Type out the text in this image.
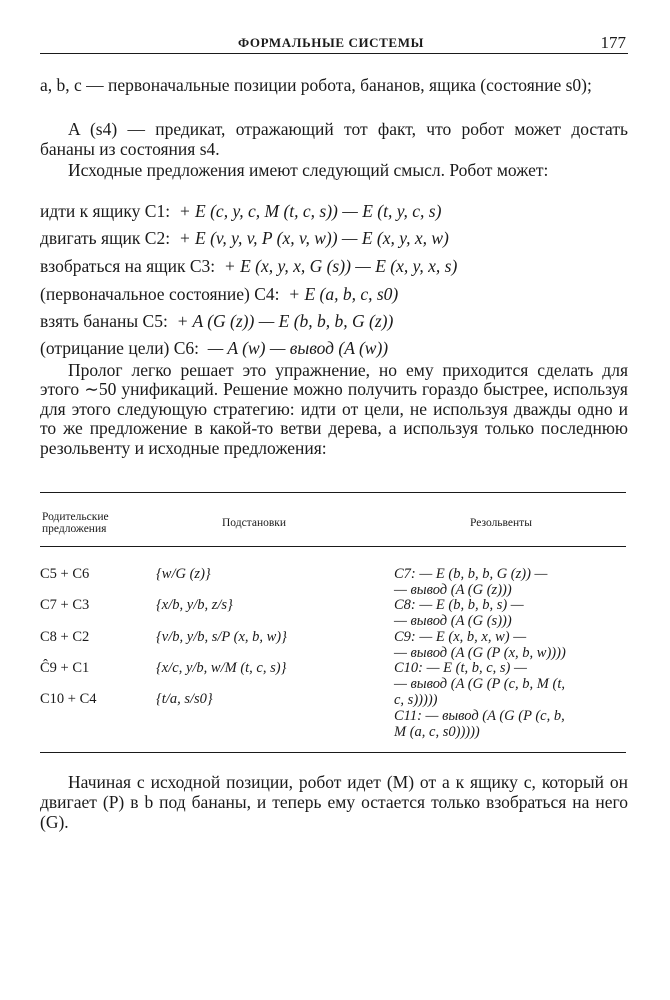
ФОРМАЛЬНЫЕ СИСТЕМЫ	177

a, b, c — первоначальные позиции робота, бананов, ящика (состояние s0);

A (s4) — предикат, отражающий тот факт, что робот может достать бананы из состояния s4.

Исходные предложения имеют следующий смысл. Робот может:

идти к ящику C1: + E (c, y, c, M (t, c, s)) — E (t, y, c, s)
двигать ящик C2: + E (v, y, v, P (x, v, w)) — E (x, y, x, w)
взобраться на ящик C3: + E (x, y, x, G (s)) — E (x, y, x, s)
(первоначальное состояние) C4: + E (a, b, c, s0)
взять бананы C5: + A (G (z)) — E (b, b, b, G (z))
(отрицание цели) C6: — A (w) — вывод (A (w))

Пролог легко решает это упражнение, но ему приходится сделать для этого ∼50 унификаций. Решение можно получить гораздо быстрее, используя для этого следующую стратегию: идти от цели, не используя дважды одно и то же предложение в какой-то ветви дерева, а используя только последнюю резольвенту и исходные предложения:

Родительские предложения	Подстановки	Резольвенты
C5 + C6	{w/G (z)}	C7: — E (b, b, b, G (z)) —
— вывод (A (G (z)))
C7 + C3	{x/b, y/b, z/s}	C8: — E (b, b, b, s) —
— вывод (A (G (s)))
C8 + C2	{v/b, y/b, s/P (x, b, w)}	C9: — E (x, b, x, w) —
— вывод (A (G (P (x, b, w))))
Ĉ9 + C1	{x/c, y/b, w/M (t, c, s)}	C10: — E (t, b, c, s) —
— вывод (A (G (P (c, b, M (t,
c, s)))))
C10 + C4	{t/a, s/s0}
C11: — вывод (A (G (P (c, b,
M (a, c, s0)))))

Начиная с исходной позиции, робот идет (M) от a к ящику c, который он двигает (P) в b под бананы, и теперь ему остается только взобраться на него (G).
